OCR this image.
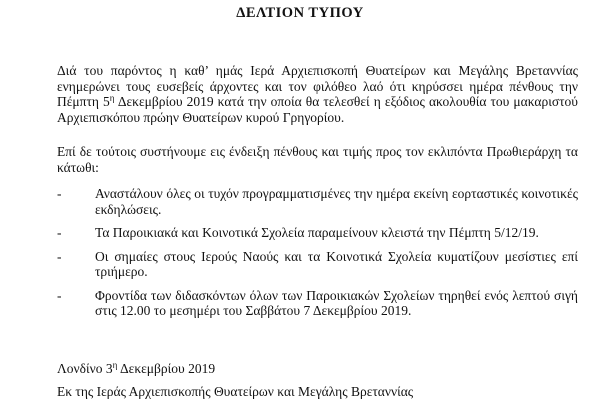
ΔΕΛΤΙΟΝ ΤΥΠΟΥ
Διά του παρόντος η καθ’ ημάς Ιερά Αρχιεπισκοπή Θυατείρων και Μεγάλης Βρεταννίας ενημερώνει τους ευσεβείς άρχοντες και τον φιλόθεο λαό ότι κηρύσσει ημέρα πένθους την Πέμπτη $5^\eta$ Δεκεμβρίου 2019 κατά την οποία θα τελεσθεί η εξόδιος ακολουθία του μακαριστού Αρχιεπισκόπου πρώην Θυατείρων κυρού Γρηγορίου.
Επί δε τούτοις συστήνουμε εις ένδειξη πένθους και τιμής προς τον εκλιπόντα Πρωθιεράρχη τα κάτωθι:
- Αναστάλουν όλες οι τυχόν προγραμματισμένες την ημέρα εκείνη εορταστικές κοινοτικές εκδηλώσεις.
- Τα Παροικιακά και Κοινοτικά Σχολεία παραμείνουν κλειστά την Πέμπτη 5/12/19.
- Οι σημαίες στους Ιερούς Ναούς και τα Κοινοτικά Σχολεία κυματίζουν μεσίστιες επί τριήμερο.
- Φροντίδα των διδασκόντων όλων των Παροικιακών Σχολείων τηρηθεί ενός λεπτού σιγή στις 12.00 το μεσημέρι του Σαββάτου 7 Δεκεμβρίου 2019.
Λονδίνο $3^\eta$ Δεκεμβρίου 2019
Εκ της Ιεράς Αρχιεπισκοπής Θυατείρων και Μεγάλης Βρεταννίας
